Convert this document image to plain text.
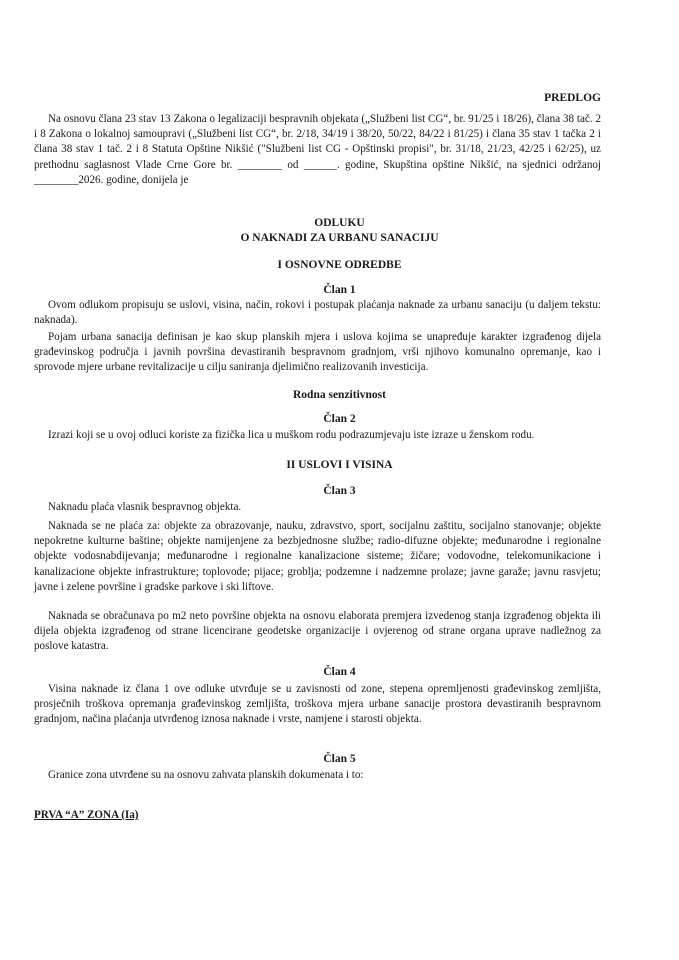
PREDLOG
Na osnovu člana 23 stav 13 Zakona o legalizaciji bespravnih objekata („Službeni list CG“, br. 91/25 i 18/26), člana 38 tač. 2 i 8 Zakona o lokalnoj samoupravi („Službeni list CG“, br. 2/18, 34/19 i 38/20, 50/22, 84/22 i 81/25) i člana 35 stav 1 tačka 2 i člana 38 stav 1 tač. 2 i 8 Statuta Opštine Nikšić ("Službeni list CG - Opštinski propisi", br. 31/18, 21/23, 42/25 i 62/25), uz prethodnu saglasnost Vlade Crne Gore br. ________ od ______. godine, Skupština opštine Nikšić, na sjednici održanoj ________2026. godine, donijela je
ODLUKU
O NAKNADI ZA URBANU SANACIJU
I OSNOVNE ODREDBE
Član 1
Ovom odlukom propisuju se uslovi, visina, način, rokovi i postupak plaćanja naknade za urbanu sanaciju (u daljem tekstu: naknada).
Pojam urbana sanacija definisan je kao skup planskih mjera i uslova kojima se unapređuje karakter izgrađenog dijela građevinskog područja i javnih površina devastiranih bespravnom gradnjom, vrši njihovo komunalno opremanje, kao i sprovode mjere urbane revitalizacije u cilju saniranja djelimično realizovanih investicija.
Rodna senzitivnost
Član 2
Izrazi koji se u ovoj odluci koriste za fizička lica u muškom rodu podrazumjevaju iste izraze u ženskom rodu.
II USLOVI I VISINA
Član 3
Naknadu plaća vlasnik bespravnog objekta.
Naknada se ne plaća za: objekte za obrazovanje, nauku, zdravstvo, sport, socijalnu zaštitu, socijalno stanovanje; objekte nepokretne kulturne baštine; objekte namijenjene za bezbjednosne službe; radio-difuzne objekte; međunarodne i regionalne objekte vodosnabdijevanja; međunarodne i regionalne kanalizacione sisteme; žičare; vodovodne, telekomunikacione i kanalizacione objekte infrastrukture; toplovode; pijace; groblja; podzemne i nadzemne prolaze; javne garaže; javnu rasvjetu; javne i zelene površine i gradske parkove i ski liftove.
Naknada se obračunava po m2 neto površine objekta na osnovu elaborata premjera izvedenog stanja izgrađenog objekta ili dijela objekta izgrađenog od strane licencirane geodetske organizacije i ovjerenog od strane organa uprave nadležnog za poslove katastra.
Član 4
Visina naknade iz člana 1 ove odluke utvrđuje se u zavisnosti od zone, stepena opremljenosti građevinskog zemljišta, prosječnih troškova opremanja građevinskog zemljišta, troškova mjera urbane sanacije prostora devastiranih bespravnom gradnjom, načina plaćanja utvrđenog iznosa naknade i vrste, namjene i starosti objekta.
Član 5
Granice zona utvrđene su na osnovu zahvata planskih dokumenata i to:
PRVA “A” ZONA (Ia)
